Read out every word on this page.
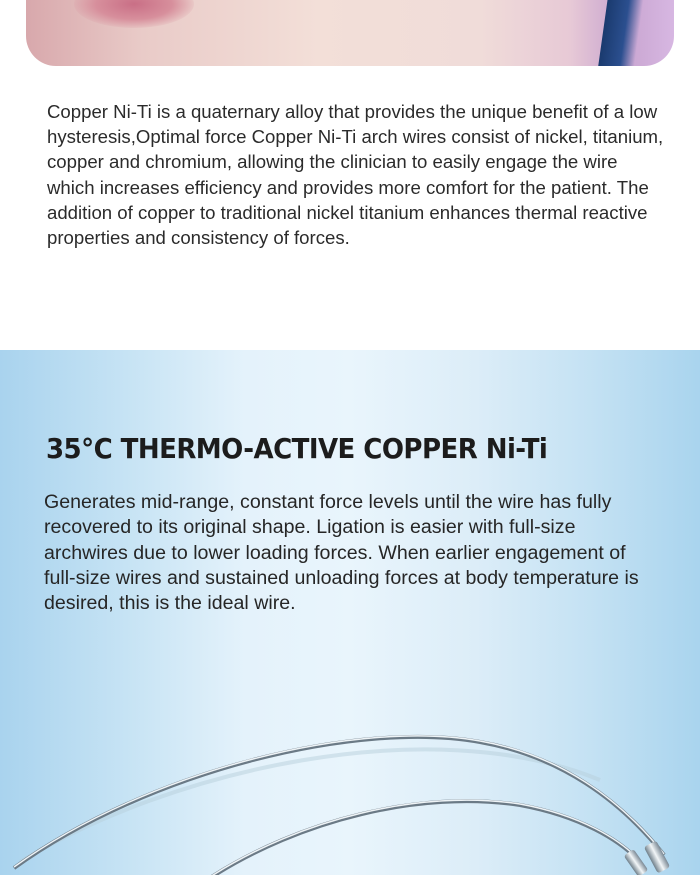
Copper Ni-Ti is a quaternary alloy that provides the unique benefit of a low hysteresis,Optimal force Copper Ni-Ti arch wires consist of nickel, titanium, copper and chromium, allowing the clinician to easily engage the wire which increases efficiency and provides more comfort for the patient. The addition of copper to traditional nickel titanium enhances thermal reactive properties and consistency of forces.

35°C THERMO-ACTIVE COPPER Ni-Ti

Generates mid-range, constant force levels until the wire has fully recovered to its original shape. Ligation is easier with full-size archwires due to lower loading forces. When earlier engagement of full-size wires and sustained unloading forces at body temperature is desired, this is the ideal wire.
